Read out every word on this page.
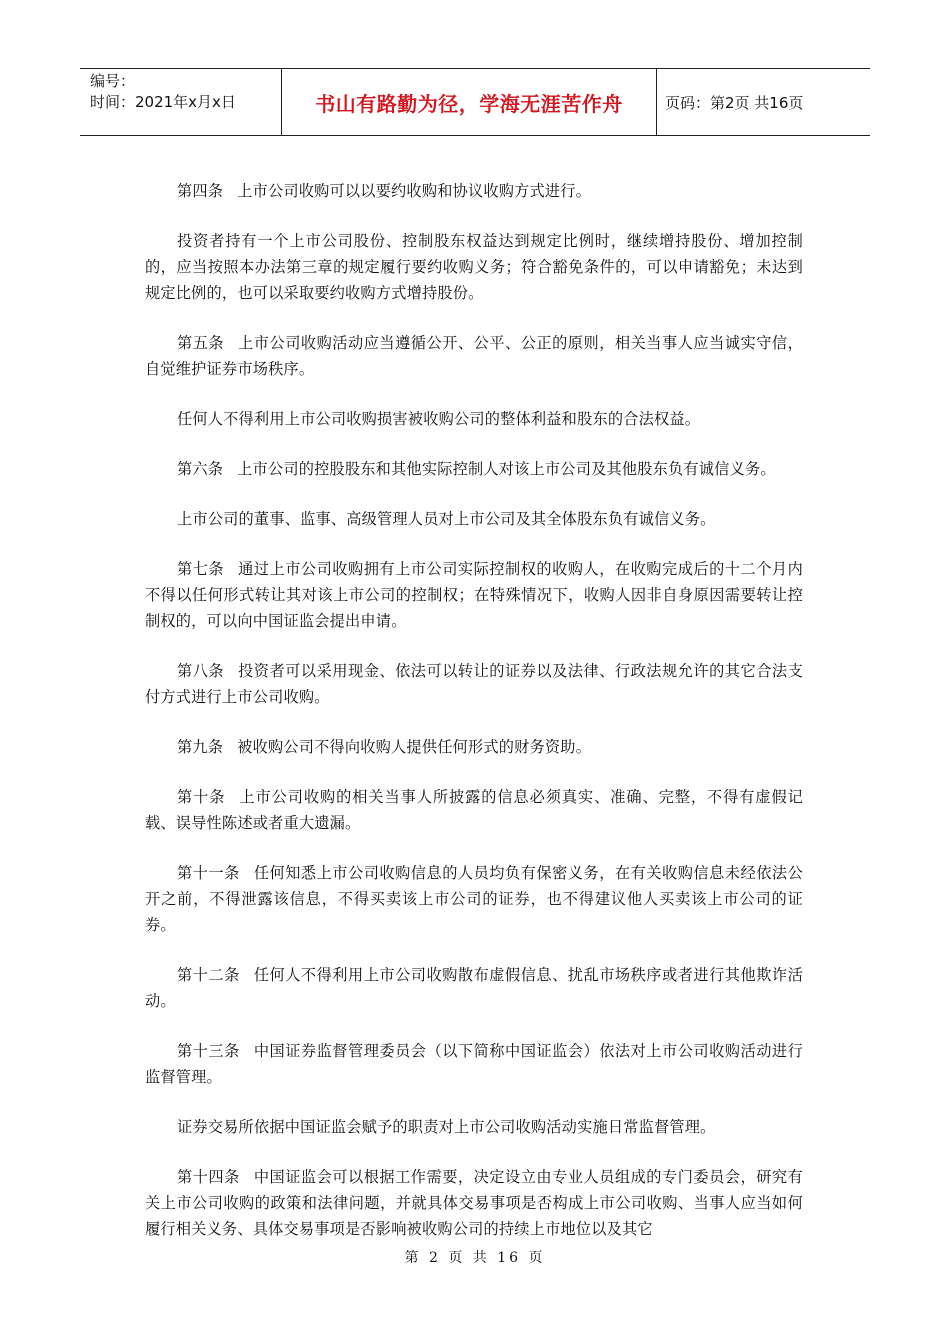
编号：
时间：2021年x月x日	书山有路勤为径，学海无涯苦作舟	页码：第2页 共16页

第四条 上市公司收购可以以要约收购和协议收购方式进行。

投资者持有一个上市公司股份、控制股东权益达到规定比例时，继续增持股份、增加控制的，应当按照本办法第三章的规定履行要约收购义务；符合豁免条件的，可以申请豁免；未达到规定比例的，也可以采取要约收购方式增持股份。

第五条 上市公司收购活动应当遵循公开、公平、公正的原则，相关当事人应当诚实守信，自觉维护证券市场秩序。

任何人不得利用上市公司收购损害被收购公司的整体利益和股东的合法权益。

第六条 上市公司的控股股东和其他实际控制人对该上市公司及其他股东负有诚信义务。

上市公司的董事、监事、高级管理人员对上市公司及其全体股东负有诚信义务。

第七条 通过上市公司收购拥有上市公司实际控制权的收购人，在收购完成后的十二个月内不得以任何形式转让其对该上市公司的控制权；在特殊情况下，收购人因非自身原因需要转让控制权的，可以向中国证监会提出申请。

第八条 投资者可以采用现金、依法可以转让的证券以及法律、行政法规允许的其它合法支付方式进行上市公司收购。

第九条 被收购公司不得向收购人提供任何形式的财务资助。

第十条 上市公司收购的相关当事人所披露的信息必须真实、准确、完整，不得有虚假记载、误导性陈述或者重大遗漏。

第十一条 任何知悉上市公司收购信息的人员均负有保密义务，在有关收购信息未经依法公开之前，不得泄露该信息，不得买卖该上市公司的证券，也不得建议他人买卖该上市公司的证券。

第十二条 任何人不得利用上市公司收购散布虚假信息、扰乱市场秩序或者进行其他欺诈活动。

第十三条 中国证券监督管理委员会（以下简称中国证监会）依法对上市公司收购活动进行监督管理。

证券交易所依据中国证监会赋予的职责对上市公司收购活动实施日常监督管理。

第十四条 中国证监会可以根据工作需要，决定设立由专业人员组成的专门委员会，研究有关上市公司收购的政策和法律问题，并就具体交易事项是否构成上市公司收购、当事人应当如何履行相关义务、具体交易事项是否影响被收购公司的持续上市地位以及其它

第 2 页 共 16 页
